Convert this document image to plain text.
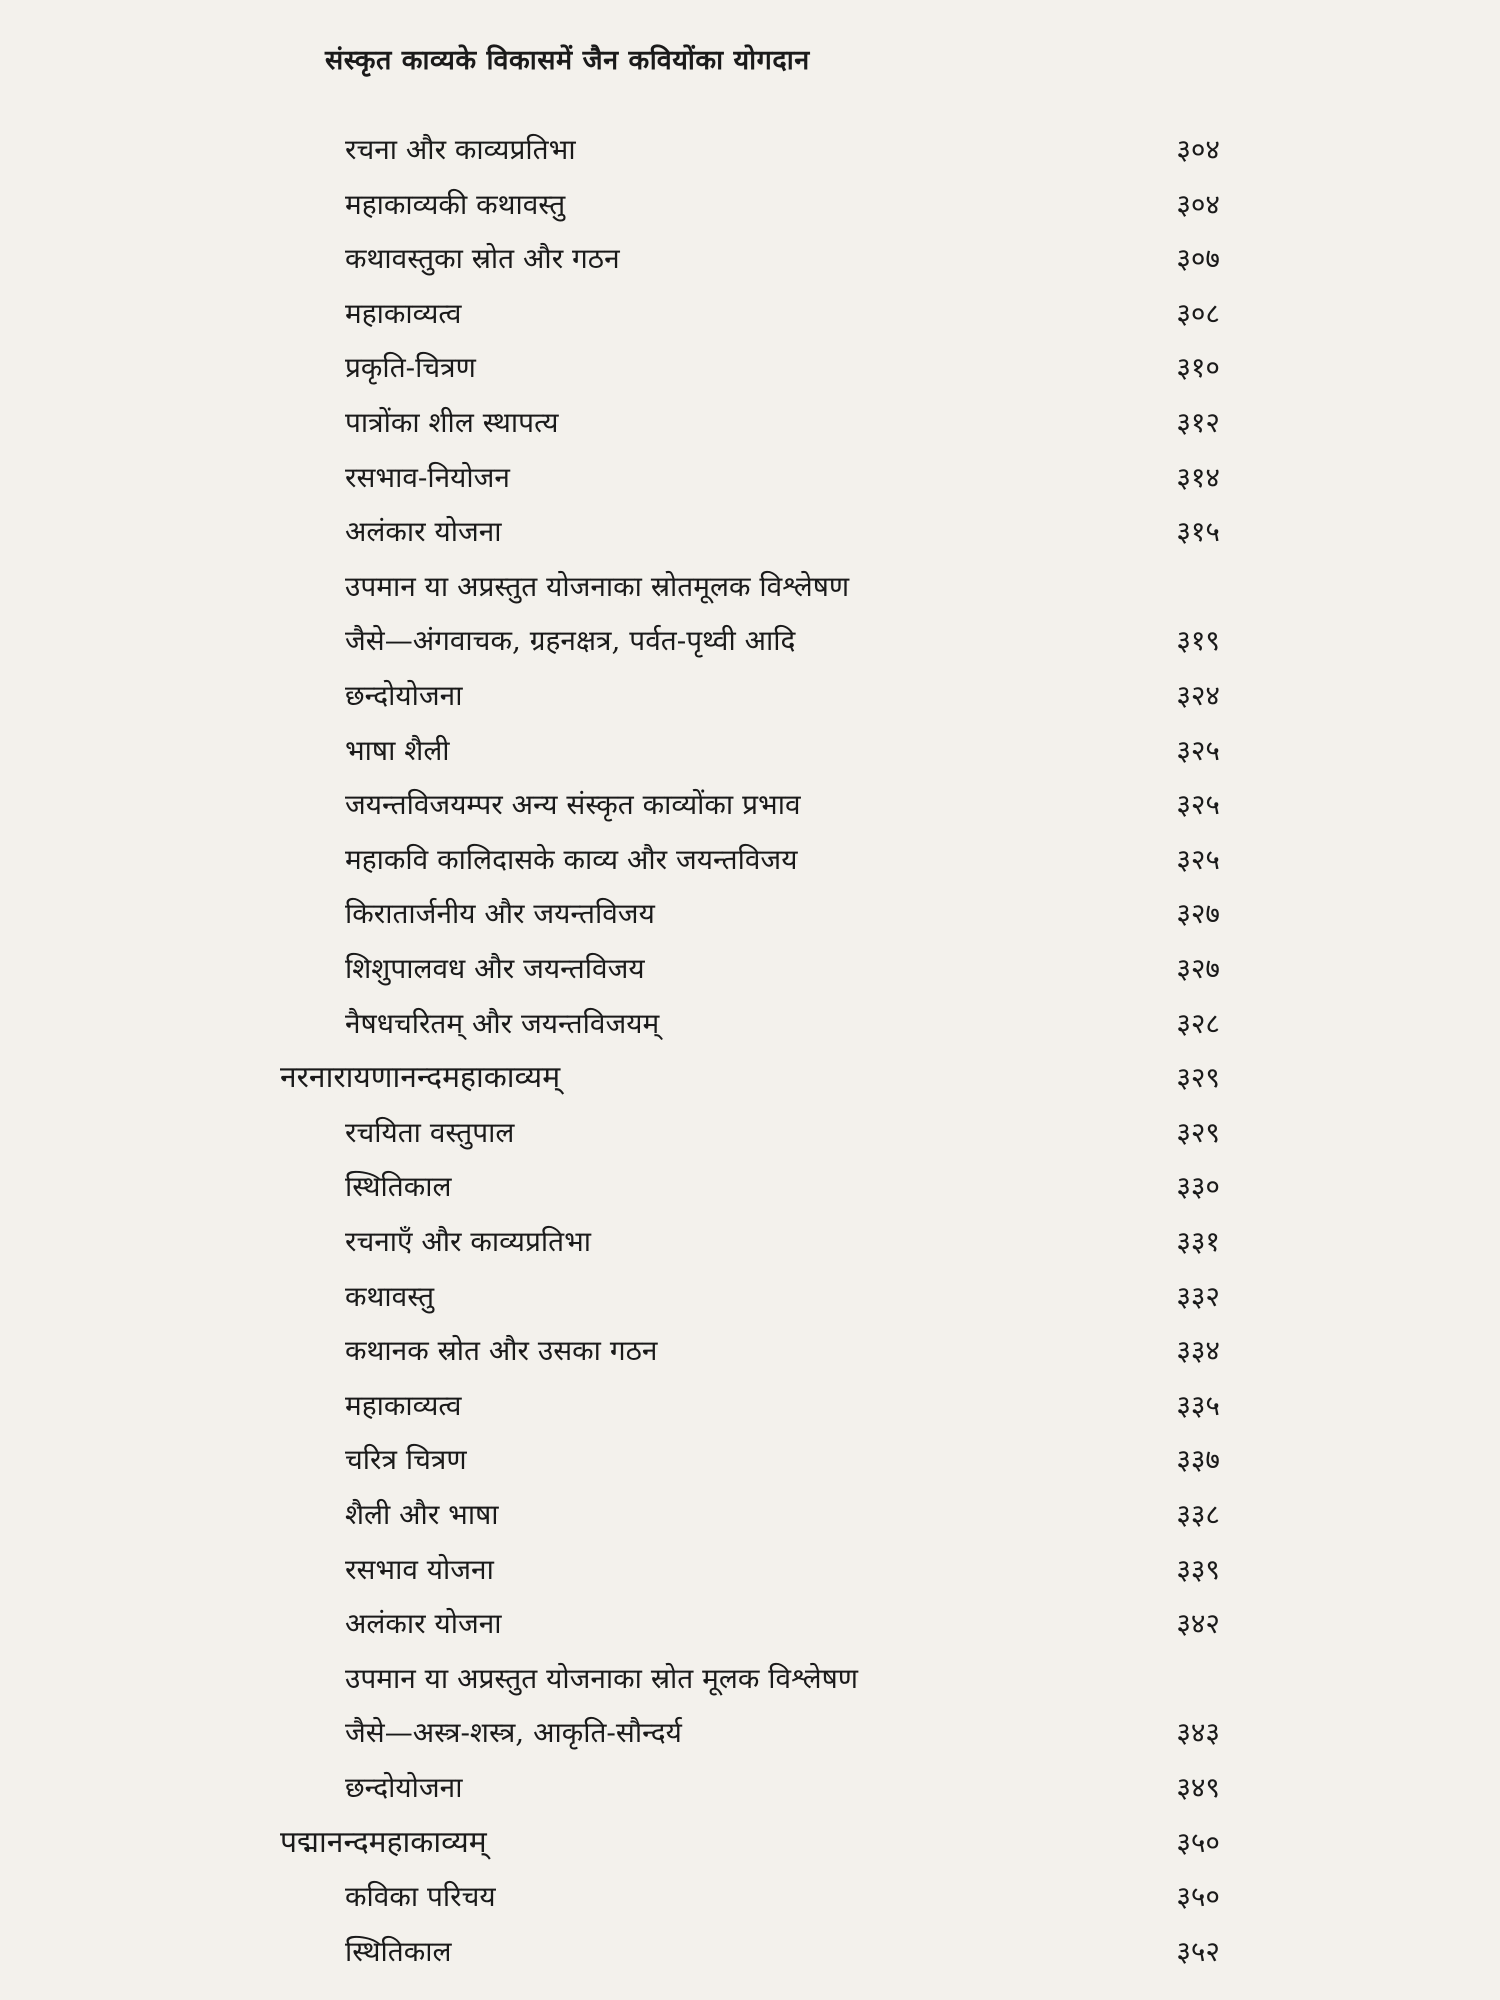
संस्कृत काव्यके विकासमें जैन कवियोंका योगदान
रचना और काव्यप्रतिभा	३०४
महाकाव्यकी कथावस्तु	३०४
कथावस्तुका स्रोत और गठन	३०७
महाकाव्यत्व	३०८
प्रकृति-चित्रण	३१०
पात्रोंका शील स्थापत्य	३१२
रसभाव-नियोजन	३१४
अलंकार योजना	३१५
उपमान या अप्रस्तुत योजनाका स्रोतमूलक विश्लेषण
जैसे—अंगवाचक, ग्रहनक्षत्र, पर्वत-पृथ्वी आदि	३१९
छन्दोयोजना	३२४
भाषा शैली	३२५
जयन्तविजयम्पर अन्य संस्कृत काव्योंका प्रभाव	३२५
महाकवि कालिदासके काव्य और जयन्तविजय	३२५
किरातार्जनीय और जयन्तविजय	३२७
शिशुपालवध और जयन्तविजय	३२७
नैषधचरितम् और जयन्तविजयम्	३२८
नरनारायणानन्दमहाकाव्यम्	३२९
रचयिता वस्तुपाल	३२९
स्थितिकाल	३३०
रचनाएँ और काव्यप्रतिभा	३३१
कथावस्तु	३३२
कथानक स्रोत और उसका गठन	३३४
महाकाव्यत्व	३३५
चरित्र चित्रण	३३७
शैली और भाषा	३३८
रसभाव योजना	३३९
अलंकार योजना	३४२
उपमान या अप्रस्तुत योजनाका स्रोत मूलक विश्लेषण
जैसे—अस्त्र-शस्त्र, आकृति-सौन्दर्य	३४३
छन्दोयोजना	३४९
पद्मानन्दमहाकाव्यम्	३५०
कविका परिचय	३५०
स्थितिकाल	३५२
